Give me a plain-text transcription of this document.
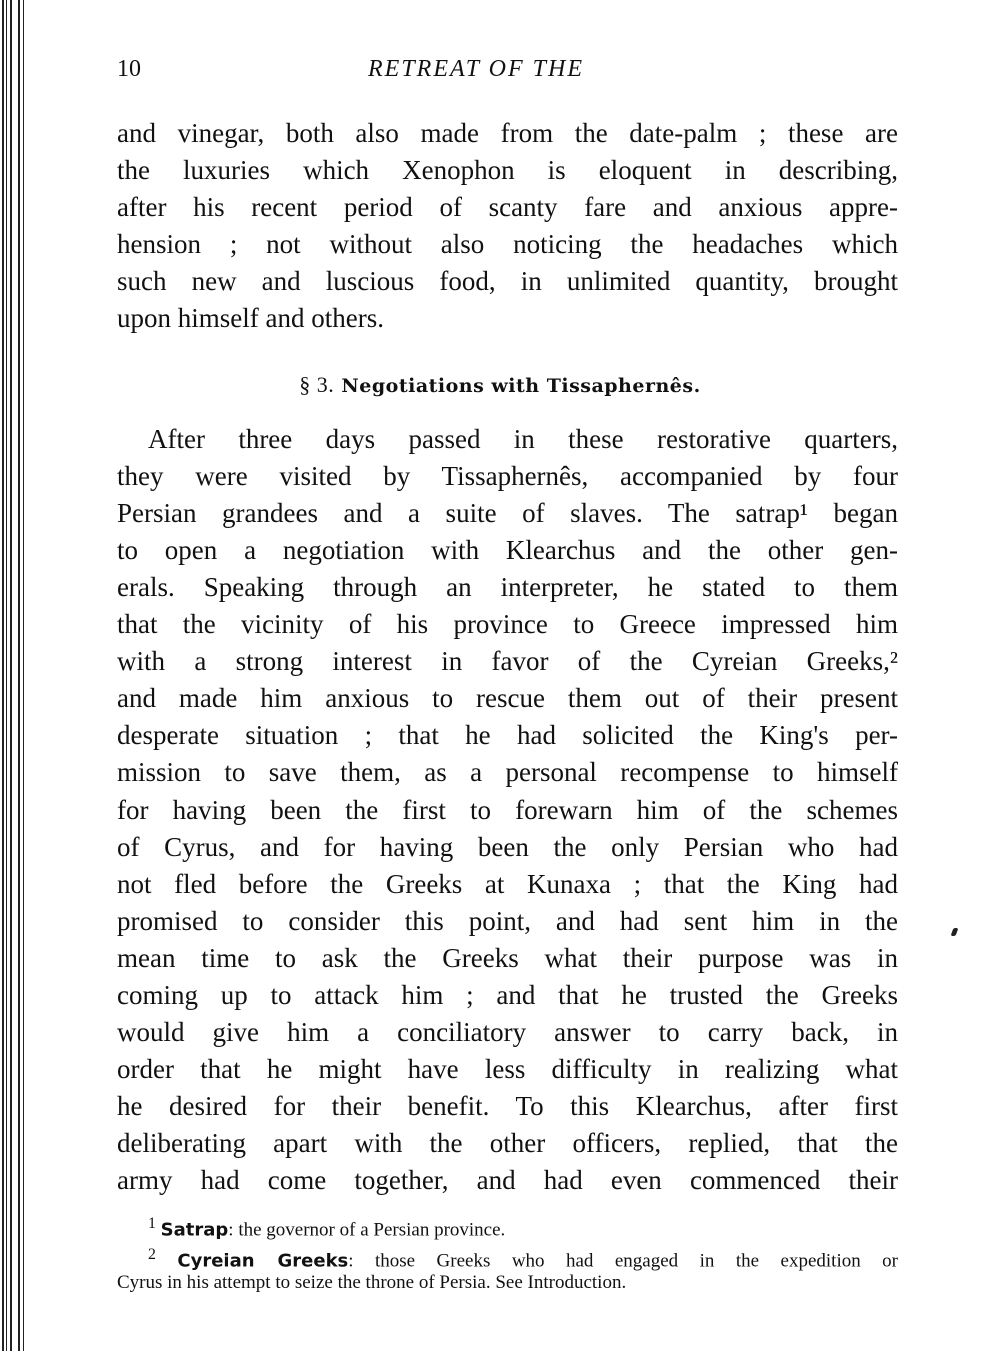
10	RETREAT OF THE
and vinegar, both also made from the date-palm ; these are
the luxuries which Xenophon is eloquent in describing,
after his recent period of scanty fare and anxious appre-
hension ; not without also noticing the headaches which
such new and luscious food, in unlimited quantity, brought
upon himself and others.
§ 3. Negotiations with Tissaphernês.
After three days passed in these restorative quarters,
they were visited by Tissaphernês, accompanied by four
Persian grandees and a suite of slaves. The satrap¹ began
to open a negotiation with Klearchus and the other gen-
erals. Speaking through an interpreter, he stated to them
that the vicinity of his province to Greece impressed him
with a strong interest in favor of the Cyreian Greeks,²
and made him anxious to rescue them out of their present
desperate situation ; that he had solicited the King's per-
mission to save them, as a personal recompense to himself
for having been the first to forewarn him of the schemes
of Cyrus, and for having been the only Persian who had
not fled before the Greeks at Kunaxa ; that the King had
promised to consider this point, and had sent him in the
mean time to ask the Greeks what their purpose was in
coming up to attack him ; and that he trusted the Greeks
would give him a conciliatory answer to carry back, in
order that he might have less difficulty in realizing what
he desired for their benefit. To this Klearchus, after first
deliberating apart with the other officers, replied, that the
army had come together, and had even commenced their
$^1$ Satrap: the governor of a Persian province.
$^2$ Cyreian Greeks: those Greeks who had engaged in the expedition or
Cyrus in his attempt to seize the throne of Persia. See Introduction.
